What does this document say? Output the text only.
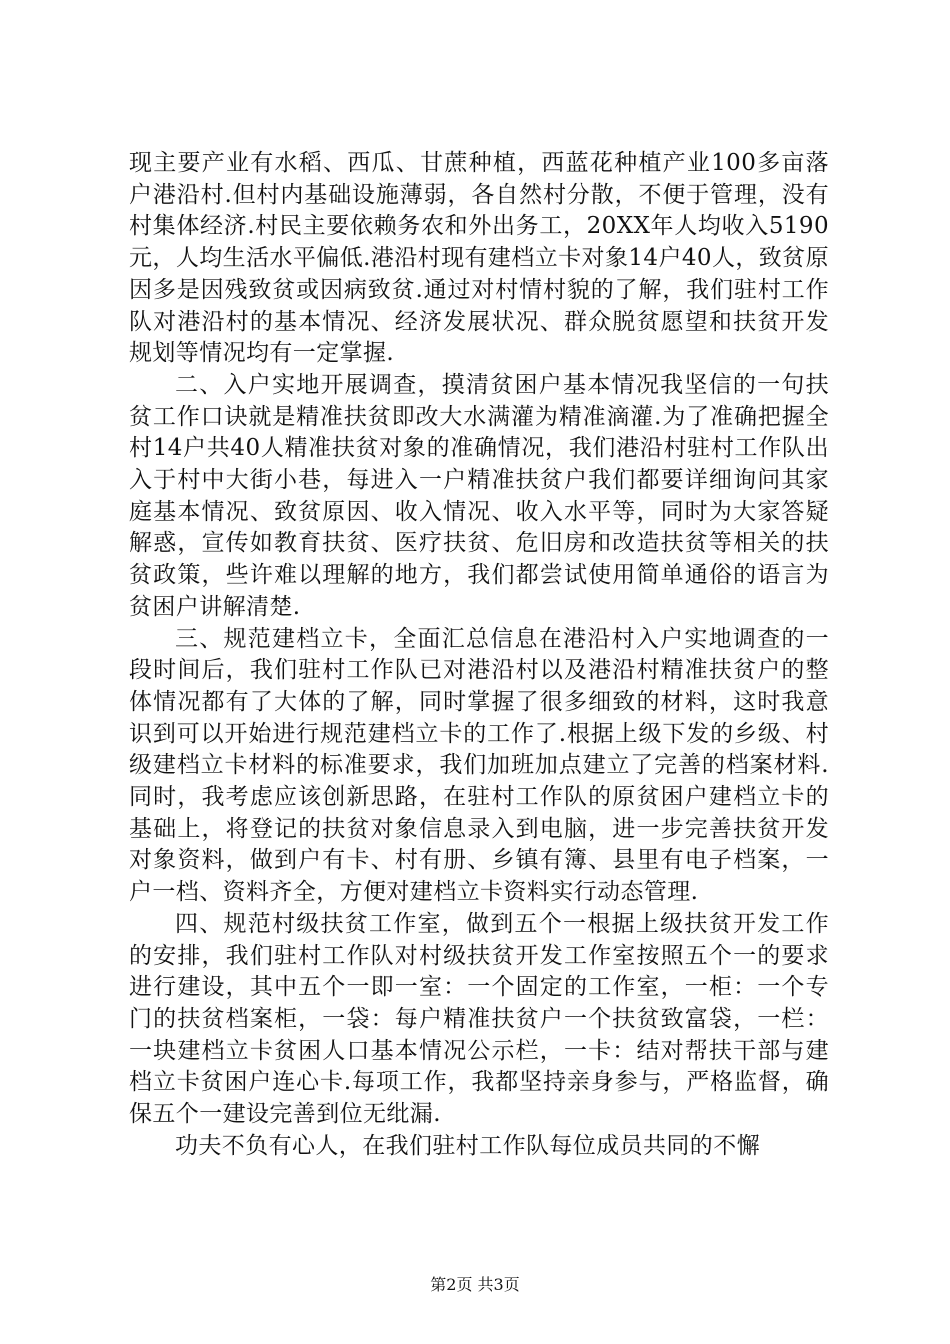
现主要产业有水稻、西瓜、甘蔗种植，西蓝花种植产业100多亩落户港沿村.但村内基础设施薄弱，各自然村分散，不便于管理，没有村集体经济.村民主要依赖务农和外出务工，20XX年人均收入5190元，人均生活水平偏低.港沿村现有建档立卡对象14户40人，致贫原因多是因残致贫或因病致贫.通过对村情村貌的了解，我们驻村工作队对港沿村的基本情况、经济发展状况、群众脱贫愿望和扶贫开发规划等情况均有一定掌握.

二、入户实地开展调查，摸清贫困户基本情况我坚信的一句扶贫工作口诀就是精准扶贫即改大水满灌为精准滴灌.为了准确把握全村14户共40人精准扶贫对象的准确情况，我们港沿村驻村工作队出入于村中大街小巷，每进入一户精准扶贫户我们都要详细询问其家庭基本情况、致贫原因、收入情况、收入水平等，同时为大家答疑解惑，宣传如教育扶贫、医疗扶贫、危旧房和改造扶贫等相关的扶贫政策，些许难以理解的地方，我们都尝试使用简单通俗的语言为贫困户讲解清楚.

三、规范建档立卡，全面汇总信息在港沿村入户实地调查的一段时间后，我们驻村工作队已对港沿村以及港沿村精准扶贫户的整体情况都有了大体的了解，同时掌握了很多细致的材料，这时我意识到可以开始进行规范建档立卡的工作了.根据上级下发的乡级、村级建档立卡材料的标准要求，我们加班加点建立了完善的档案材料.同时，我考虑应该创新思路，在驻村工作队的原贫困户建档立卡的基础上，将登记的扶贫对象信息录入到电脑，进一步完善扶贫开发对象资料，做到户有卡、村有册、乡镇有簿、县里有电子档案，一户一档、资料齐全，方便对建档立卡资料实行动态管理.

四、规范村级扶贫工作室，做到五个一根据上级扶贫开发工作的安排，我们驻村工作队对村级扶贫开发工作室按照五个一的要求进行建设，其中五个一即一室：一个固定的工作室，一柜：一个专门的扶贫档案柜，一袋：每户精准扶贫户一个扶贫致富袋，一栏：一块建档立卡贫困人口基本情况公示栏，一卡：结对帮扶干部与建档立卡贫困户连心卡.每项工作，我都坚持亲身参与，严格监督，确保五个一建设完善到位无纰漏.

功夫不负有心人，在我们驻村工作队每位成员共同的不懈

第2页 共3页
